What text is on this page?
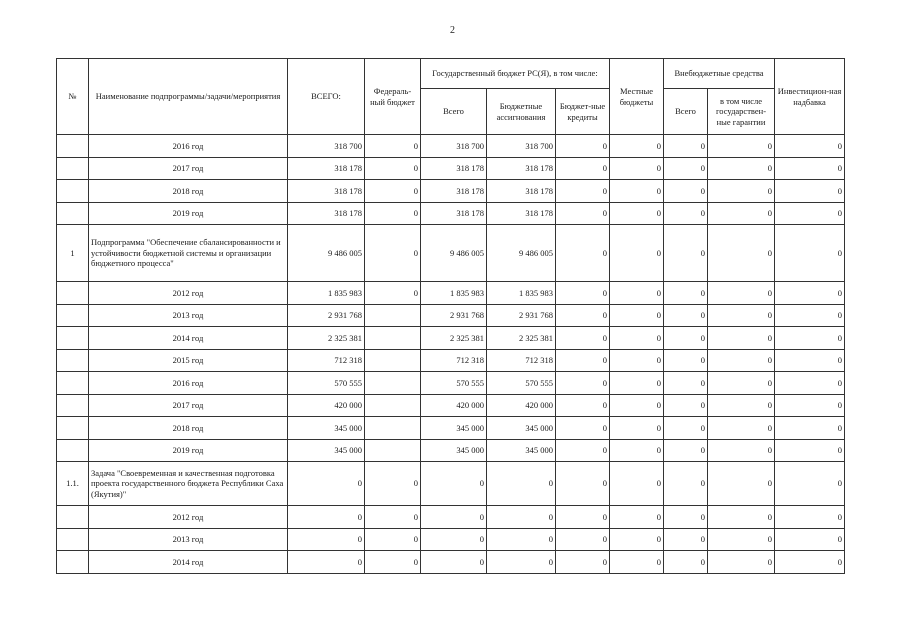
2
№	Наименование подпрограммы/задачи/мероприятия	ВСЕГО:	Федераль-ный бюджет	Государственный бюджет РС(Я), в том числе:			Местные бюджеты	Внебюджетные средства		Инвестицион-ная надбавка
				Всего	Бюджетные ассигнования	Бюджет-ные кредиты		Всего	в том числе государствен-ные гарантии	
	2016 год	318 700	0	318 700	318 700	0	0	0	0	0
	2017 год	318 178	0	318 178	318 178	0	0	0	0	0
	2018 год	318 178	0	318 178	318 178	0	0	0	0	0
	2019 год	318 178	0	318 178	318 178	0	0	0	0	0
1	Подпрограмма "Обеспечение сбалансированности и устойчивости бюджетной системы и организации бюджетного процесса"	9 486 005	0	9 486 005	9 486 005	0	0	0	0	0
	2012 год	1 835 983	0	1 835 983	1 835 983	0	0	0	0	0
	2013 год	2 931 768		2 931 768	2 931 768	0	0	0	0	0
	2014 год	2 325 381		2 325 381	2 325 381	0	0	0	0	0
	2015 год	712 318		712 318	712 318	0	0	0	0	0
	2016 год	570 555		570 555	570 555	0	0	0	0	0
	2017 год	420 000		420 000	420 000	0	0	0	0	0
	2018 год	345 000		345 000	345 000	0	0	0	0	0
	2019 год	345 000		345 000	345 000	0	0	0	0	0
1.1.	Задача "Своевременная и качественная подготовка проекта государственного бюджета Республики Саха (Якутия)"	0	0	0	0	0	0	0	0	0
	2012 год	0	0	0	0	0	0	0	0	0
	2013 год	0	0	0	0	0	0	0	0	0
	2014 год	0	0	0	0	0	0	0	0	0
